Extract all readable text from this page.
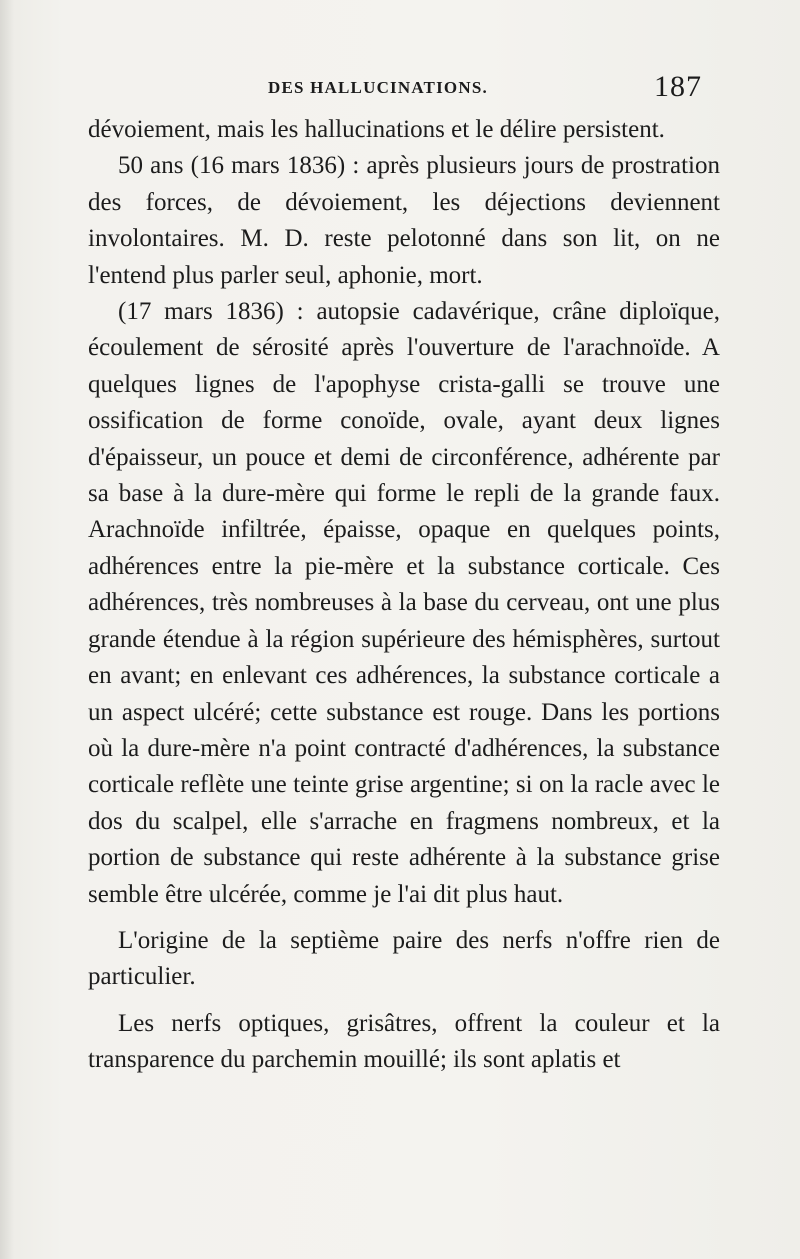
DES HALLUCINATIONS.	187

dévoiement, mais les hallucinations et le délire persistent.

50 ans (16 mars 1836) : après plusieurs jours de prostration des forces, de dévoiement, les déjections deviennent involontaires. M. D. reste pelotonné dans son lit, on ne l'entend plus parler seul, aphonie, mort.

(17 mars 1836) : autopsie cadavérique, crâne diploïque, écoulement de sérosité après l'ouverture de l'arachnoïde. A quelques lignes de l'apophyse crista-galli se trouve une ossification de forme conoïde, ovale, ayant deux lignes d'épaisseur, un pouce et demi de circonférence, adhérente par sa base à la dure-mère qui forme le repli de la grande faux. Arachnoïde infiltrée, épaisse, opaque en quelques points, adhérences entre la pie-mère et la substance corticale. Ces adhérences, très nombreuses à la base du cerveau, ont une plus grande étendue à la région supérieure des hémisphères, surtout en avant; en enlevant ces adhérences, la substance corticale a un aspect ulcéré; cette substance est rouge. Dans les portions où la dure-mère n'a point contracté d'adhérences, la substance corticale reflète une teinte grise argentine; si on la racle avec le dos du scalpel, elle s'arrache en fragmens nombreux, et la portion de substance qui reste adhérente à la substance grise semble être ulcérée, comme je l'ai dit plus haut.

L'origine de la septième paire des nerfs n'offre rien de particulier.

Les nerfs optiques, grisâtres, offrent la couleur et la transparence du parchemin mouillé; ils sont aplatis et
